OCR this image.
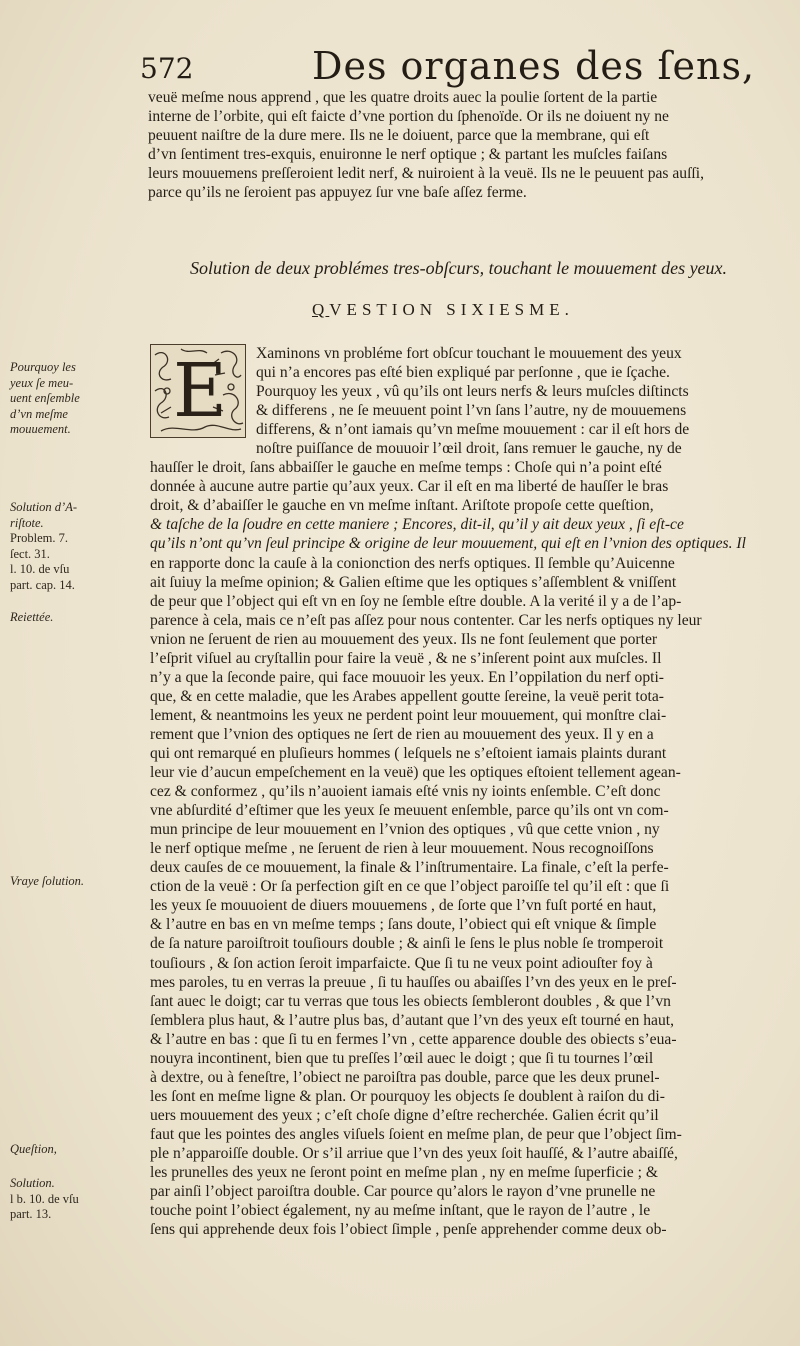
572	Des organes des ſens,
veuë meſme nous apprend , que les quatre droits auec la poulie ſortent de la partie
interne de l’orbite, qui eſt faicte d’vne portion du ſphenoïde. Or ils ne doiuent ny ne
peuuent naiſtre de la dure mere. Ils ne le doiuent, parce que la membrane, qui eſt
d’vn ſentiment tres-exquis, enuironne le nerf optique ; & partant les muſcles faiſans
leurs mouuemens preſſeroient ledit nerf, & nuiroient à la veuë. Ils ne le peuuent pas auſſi,
parce qu’ils ne ſeroient pas appuyez ſur vne baſe aſſez ferme.
Solution de deux problémes tres-obſcurs, touchant le mouuement des yeux.
QVESTION SIXIESME.
E	Xaminons vn probléme fort obſcur touchant le mouuement des yeux
qui n’a encores pas eſté bien expliqué par perſonne , que ie ſçache.
Pourquoy les yeux , vû qu’ils ont leurs nerfs & leurs muſcles diſtincts
& differens , ne ſe meuuent point l’vn ſans l’autre, ny de mouuemens
differens, & n’ont iamais qu’vn meſme mouuement : car il eſt hors de
noſtre puiſſance de mouuoir l’œil droit, ſans remuer le gauche, ny de
hauſſer le droit, ſans abbaiſſer le gauche en meſme temps : Choſe qui n’a point eſté
donnée à aucune autre partie qu’aux yeux. Car il eſt en ma liberté de hauſſer le bras
droit, & d’abaiſſer le gauche en vn meſme inſtant. Ariſtote propoſe cette queſtion,
& taſche de la ſoudre en cette maniere ; Encores, dit-il, qu’il y ait deux yeux , ſi eſt-ce
qu’ils n’ont qu’vn ſeul principe & origine de leur mouuement, qui eſt en l’vnion des optiques. Il
en rapporte donc la cauſe à la conionction des nerfs optiques. Il ſemble qu’Auicenne
ait ſuiuy la meſme opinion; & Galien eſtime que les optiques s’aſſemblent & vniſſent
de peur que l’object qui eſt vn en ſoy ne ſemble eſtre double. A la verité il y a de l’ap-
parence à cela, mais ce n’eſt pas aſſez pour nous contenter. Car les nerfs optiques ny leur
vnion ne ſeruent de rien au mouuement des yeux. Ils ne font ſeulement que porter
l’eſprit viſuel au cryſtallin pour faire la veuë , & ne s’inſerent point aux muſcles. Il
n’y a que la ſeconde paire, qui face mouuoir les yeux. En l’oppilation du nerf opti-
que, & en cette maladie, que les Arabes appellent goutte ſereine, la veuë perit tota-
lement, & neantmoins les yeux ne perdent point leur mouuement, qui monſtre clai-
rement que l’vnion des optiques ne ſert de rien au mouuement des yeux. Il y en a
qui ont remarqué en pluſieurs hommes ( leſquels ne s’eſtoient iamais plaints durant
leur vie d’aucun empeſchement en la veuë) que les optiques eſtoient tellement agean-
cez & conformez , qu’ils n’auoient iamais eſté vnis ny ioints enſemble. C’eſt donc
vne abſurdité d’eſtimer que les yeux ſe meuuent enſemble, parce qu’ils ont vn com-
mun principe de leur mouuement en l’vnion des optiques , vû que cette vnion , ny
le nerf optique meſme , ne ſeruent de rien à leur mouuement. Nous recognoiſſons
deux cauſes de ce mouuement, la finale & l’inſtrumentaire. La finale, c’eſt la perfe-
ction de la veuë : Or ſa perfection giſt en ce que l’object paroiſſe tel qu’il eſt : que ſi
les yeux ſe mouuoient de diuers mouuemens , de ſorte que l’vn fuſt porté en haut,
& l’autre en bas en vn meſme temps ; ſans doute, l’obiect qui eſt vnique & ſimple
de ſa nature paroiſtroit touſiours double ; & ainſi le ſens le plus noble ſe tromperoit
touſiours , & ſon action ſeroit imparfaicte. Que ſi tu ne veux point adiouſter foy à
mes paroles, tu en verras la preuue , ſi tu hauſſes ou abaiſſes l’vn des yeux en le preſ-
ſant auec le doigt; car tu verras que tous les obiects ſembleront doubles , & que l’vn
ſemblera plus haut, & l’autre plus bas, d’autant que l’vn des yeux eſt tourné en haut,
& l’autre en bas : que ſi tu en fermes l’vn , cette apparence double des obiects s’eua-
nouyra incontinent, bien que tu preſſes l’œil auec le doigt ; que ſi tu tournes l’œil
à dextre, ou à feneſtre, l’obiect ne paroiſtra pas double, parce que les deux prunel-
les ſont en meſme ligne & plan. Or pourquoy les objects ſe doublent à raiſon du di-
uers mouuement des yeux ; c’eſt choſe digne d’eſtre recherchée. Galien écrit qu’il
faut que les pointes des angles viſuels ſoient en meſme plan, de peur que l’object ſim-
ple n’apparoiſſe double. Or s’il arriue que l’vn des yeux ſoit hauſſé, & l’autre abaiſſé,
les prunelles des yeux ne ſeront point en meſme plan , ny en meſme ſuperficie ; &
par ainſi l’object paroiſtra double. Car pource qu’alors le rayon d’vne prunelle ne
touche point l’obiect également, ny au meſme inſtant, que le rayon de l’autre , le
ſens qui apprehende deux fois l’obiect ſimple , penſe apprehender comme deux ob-
Pourquoy les
yeux ſe meu-
uent enſemble
d’vn meſme
mouuement.
Solution d’A-
riſtote.
Problem. 7.
ſect. 31.
l. 10. de vſu
part. cap. 14.
Reiettée.
Vraye ſolution.
Queſtion,
Solution.
l b. 10. de vſu
part. 13.
